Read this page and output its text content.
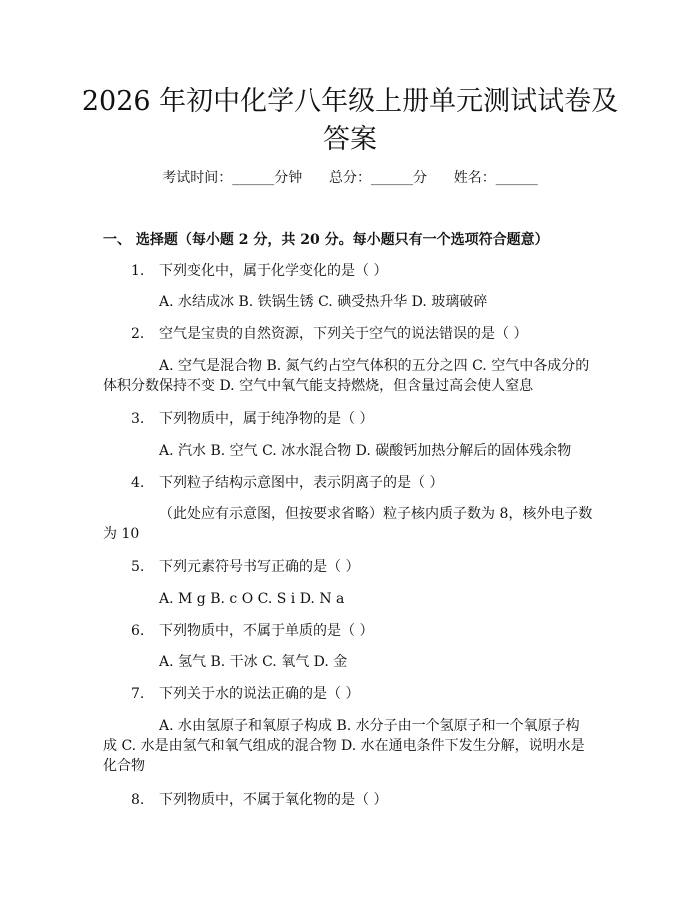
2026 年初中化学八年级上册单元测试试卷及答案
考试时间：______分钟      总分：______分      姓名：______
一、 选择题（每小题 2 分，共 20 分。每小题只有一个选项符合题意）
1. 下列变化中，属于化学变化的是（ ）
A. 水结成冰 B. 铁锅生锈 C. 碘受热升华 D. 玻璃破碎
2. 空气是宝贵的自然资源，下列关于空气的说法错误的是（ ）
A. 空气是混合物 B. 氮气约占空气体积的五分之四 C. 空气中各成分的体积分数保持不变 D. 空气中氧气能支持燃烧，但含量过高会使人窒息
3. 下列物质中，属于纯净物的是（ ）
A. 汽水 B. 空气 C. 冰水混合物 D. 碳酸钙加热分解后的固体残余物
4. 下列粒子结构示意图中，表示阴离子的是（ ）
（此处应有示意图，但按要求省略）粒子核内质子数为 8，核外电子数为 10
5. 下列元素符号书写正确的是（ ）
A. M g B. c O C. S i D. N a
6. 下列物质中，不属于单质的是（ ）
A. 氢气 B. 干冰 C. 氧气 D. 金
7. 下列关于水的说法正确的是（ ）
A. 水由氢原子和氧原子构成 B. 水分子由一个氢原子和一个氧原子构成 C. 水是由氢气和氧气组成的混合物 D. 水在通电条件下发生分解，说明水是化合物
8. 下列物质中，不属于氧化物的是（ ）
